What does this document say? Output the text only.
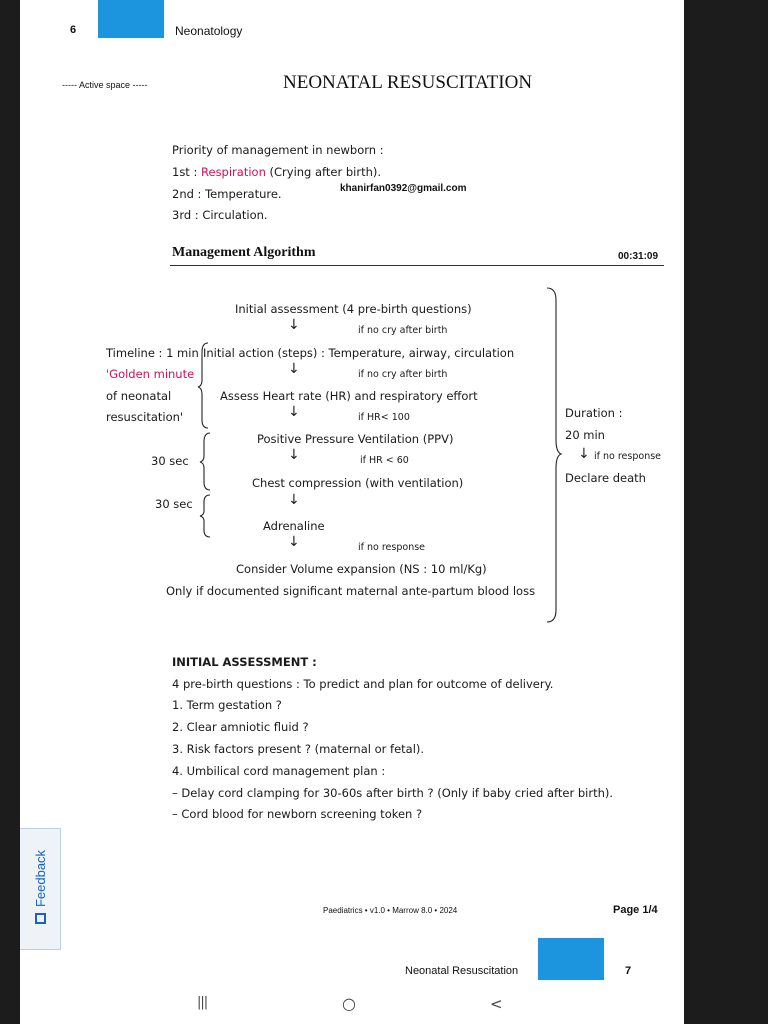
6	Neonatology
----- Active space -----	NEONATAL RESUSCITATION
Priority of management in newborn :
1st : Respiration (Crying after birth).
2nd : Temperature.	khanirfan0392@gmail.com
3rd : Circulation.
Management Algorithm	00:31:09
Initial assessment (4 pre-birth questions)
↓	if no cry after birth
Initial action (steps) : Temperature, airway, circulation
↓	if no cry after birth
Assess Heart rate (HR) and respiratory effort
↓	if HR< 100
Positive Pressure Ventilation (PPV)
↓	if HR < 60
Chest compression (with ventilation)
↓
Adrenaline
↓	if no response
Consider Volume expansion (NS : 10 ml/Kg)
Only if documented significant maternal ante-partum blood loss
Timeline : 1 min
'Golden minute
of neonatal
resuscitation'
30 sec
30 sec
Duration :
20 min
↓ if no response
Declare death
INITIAL ASSESSMENT :
4 pre-birth questions : To predict and plan for outcome of delivery.
1. Term gestation ?
2. Clear amniotic fluid ?
3. Risk factors present ? (maternal or fetal).
4. Umbilical cord management plan :
– Delay cord clamping for 30-60s after birth ? (Only if baby cried after birth).
– Cord blood for newborn screening token ?
Feedback
Paediatrics • v1.0 • Marrow 8.0 • 2024	Page 1/4
Neonatal Resuscitation	7
|||	○	<
